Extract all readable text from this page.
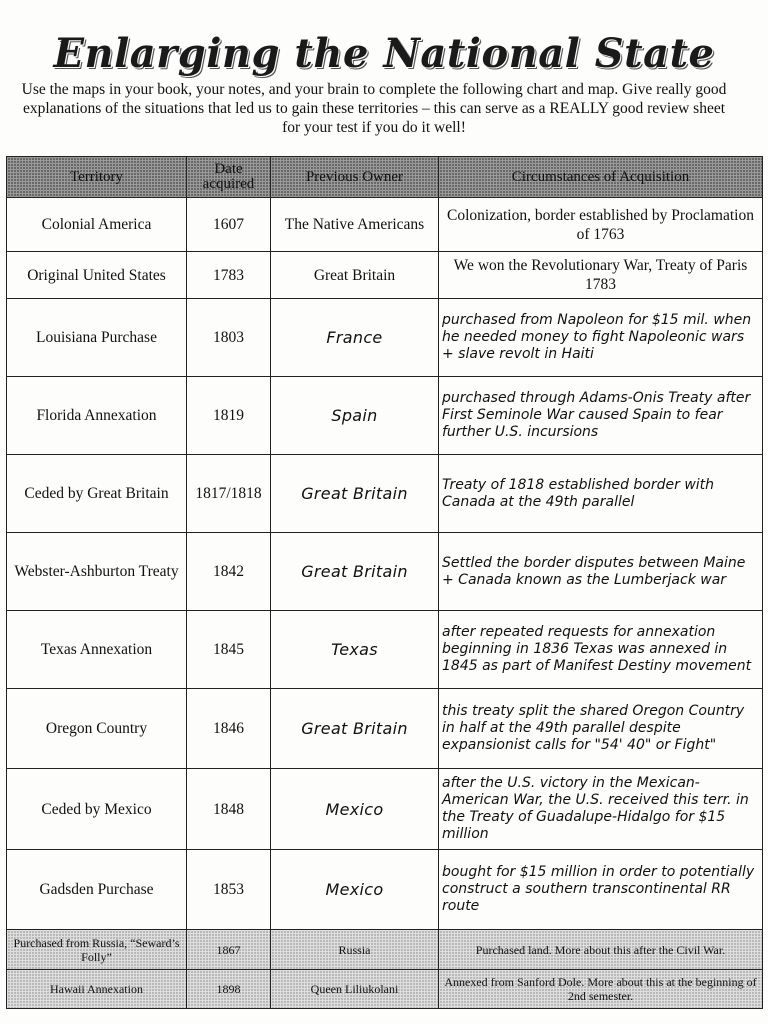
Enlarging the National State
Use the maps in your book, your notes, and your brain to complete the following chart and map. Give really good explanations of the situations that led us to gain these territories – this can serve as a REALLY good review sheet for your test if you do it well!
Territory	Date acquired	Previous Owner	Circumstances of Acquisition
Colonial America	1607	The Native Americans	Colonization, border established by Proclamation of 1763
Original United States	1783	Great Britain	We won the Revolutionary War, Treaty of Paris 1783
Louisiana Purchase	1803	France	purchased from Napoleon for $15 mil. when he needed money to fight Napoleonic wars + slave revolt in Haiti
Florida Annexation	1819	Spain	purchased through Adams-Onis Treaty after First Seminole War caused Spain to fear further U.S. incursions
Ceded by Great Britain	1817/1818	Great Britain	Treaty of 1818 established border with Canada at the 49th parallel
Webster-Ashburton Treaty	1842	Great Britain	Settled the border disputes between Maine + Canada known as the Lumberjack war
Texas Annexation	1845	Texas	after repeated requests for annexation beginning in 1836 Texas was annexed in 1845 as part of Manifest Destiny movement
Oregon Country	1846	Great Britain	this treaty split the shared Oregon Country in half at the 49th parallel despite expansionist calls for "54' 40" or Fight"
Ceded by Mexico	1848	Mexico	after the U.S. victory in the Mexican-American War, the U.S. received this terr. in the Treaty of Guadalupe-Hidalgo for $15 million
Gadsden Purchase	1853	Mexico	bought for $15 million in order to potentially construct a southern transcontinental RR route
Purchased from Russia, “Seward’s Folly”	1867	Russia	Purchased land. More about this after the Civil War.
Hawaii Annexation	1898	Queen Liliukolani	Annexed from Sanford Dole. More about this at the beginning of 2nd semester.
